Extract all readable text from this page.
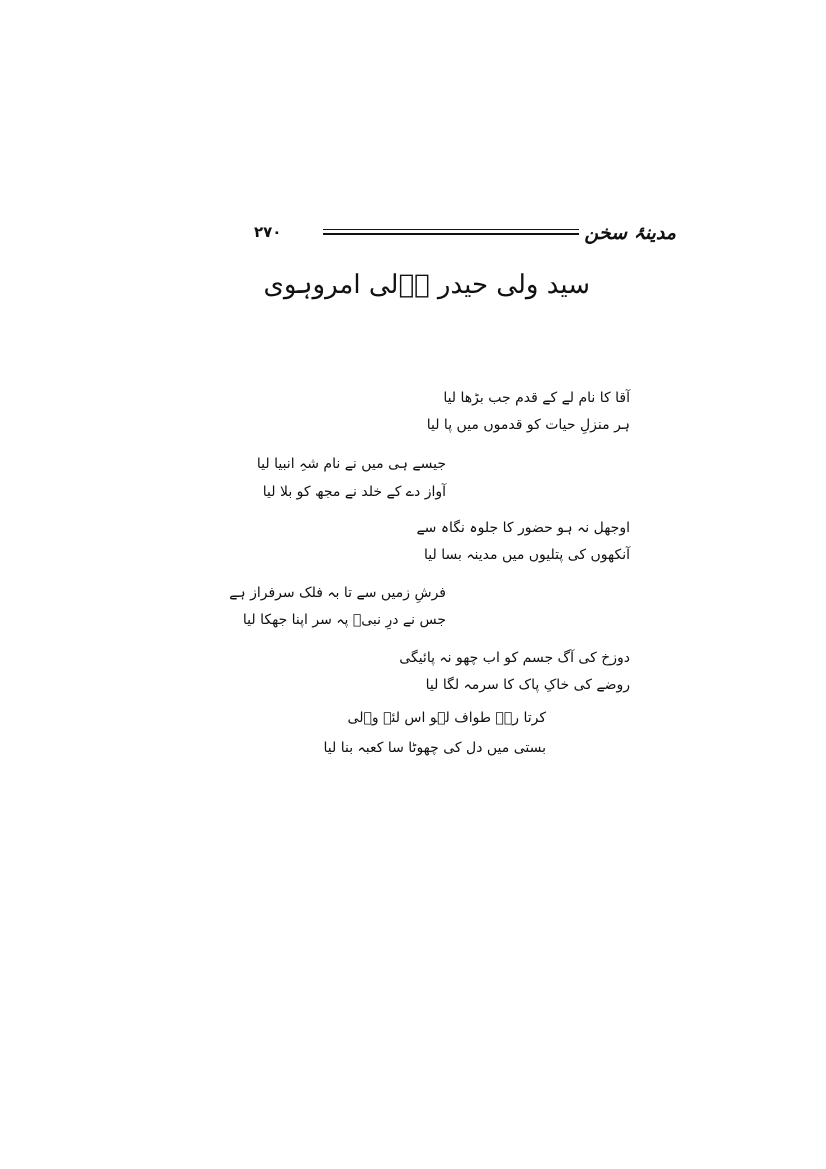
مدینۂ سخن
۲۷۰
سید ولی حیدر وؔلی امروہوی
آقا کا نام لے کے قدم جب بڑھا لیا
ہر منزلِ حیات کو قدموں میں پا لیا
جیسے ہی میں نے نام شہِ انبیا لیا
آواز دے کے خلد نے مجھ کو بلا لیا
اوجھل نہ ہو حضور کا جلوہ نگاہ سے
آنکھوں کی پتلیوں میں مدینہ بسا لیا
فرشِ زمیں سے تا بہ فلک سرفراز ہے
جس نے درِ نبیؐ پہ سر اپنا جھکا لیا
دوزخ کی آگ جسم کو اب چھو نہ پائیگی
روضے کی خاکِ پاک کا سرمہ لگا لیا
کرتا رہے طواف لہو اس لئے وؔلی
بستی میں دل کی چھوٹا سا کعبہ بنا لیا
